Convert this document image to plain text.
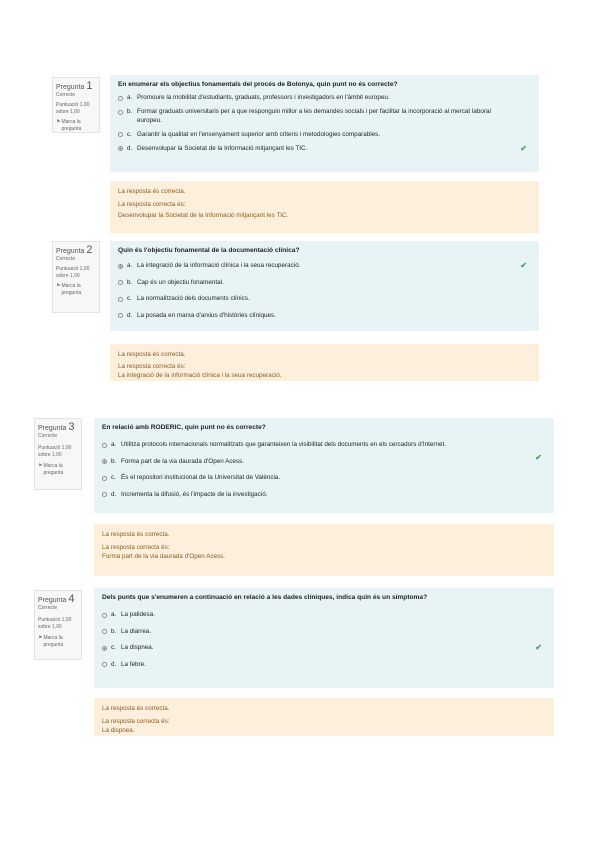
Pregunta 1
Correcte
Puntuació 1,00 sobre 1,00
⚑ Marca la pregunta
En enumerar els objectius fonamentals del procés de Bolonya, quin punt no és correcte?
a. Promoure la mobilitat d'estudiants, graduats, professors i investigadors en l'àmbit europeu.
b. Formar graduats universitaris per a que responguin millor a les demandes socials i per facilitar la incorporació al mercat laboral europeu.
c. Garantir la qualitat en l'ensenyament superior amb criteris i metodologies comparables.
d. Desenvolupar la Societat de la Informació mitjançant les TIC.	✔
La resposta és correcta.
La resposta correcta és:
Desenvolupar la Societat de la Informació mitjançant les TIC.
Pregunta 2
Correcte
Puntuació 1,00 sobre 1,00
⚑ Marca la pregunta
Quin és l'objectiu fonamental de la documentació clínica?
a. La integració de la informació clínica i la seua recuperació.	✔
b. Cap és un objectiu fonamental.
c. La normalització dels documents clínics.
d. La posada en marxa d'arxius d'històries clíniques.
La resposta és correcta.
La resposta correcta és:
La integració de la informació clínica i la seua recuperació.
Pregunta 3
Correcte
Puntuació 1,00 sobre 1,00
⚑ Marca la pregunta
En relació amb RODERIC, quin punt no és correcte?
a. Utilitza protocols internacionals normalitzats que garanteixen la visibilitat dels documents en els cercadors d'Internet.
b. Forma part de la via daurada d'Open Acess.	✔
c. És el repositori institucional de la Universitat de València.
d. Incrementa la difusió, és l'impacte de la investigació.
La resposta és correcta.
La resposta correcta és:
Forma part de la via daurada d'Open Acess.
Pregunta 4
Correcte
Puntuació 1,00 sobre 1,00
⚑ Marca la pregunta
Dels punts que s'enumeren a continuació en relació a les dades clíniques, indica quin és un símptoma?
a. La palidesa.
b. La diarrea.
c. La dispnea.	✔
d. La febre.
La resposta és correcta.
La resposta correcta és:
La dispnea.
